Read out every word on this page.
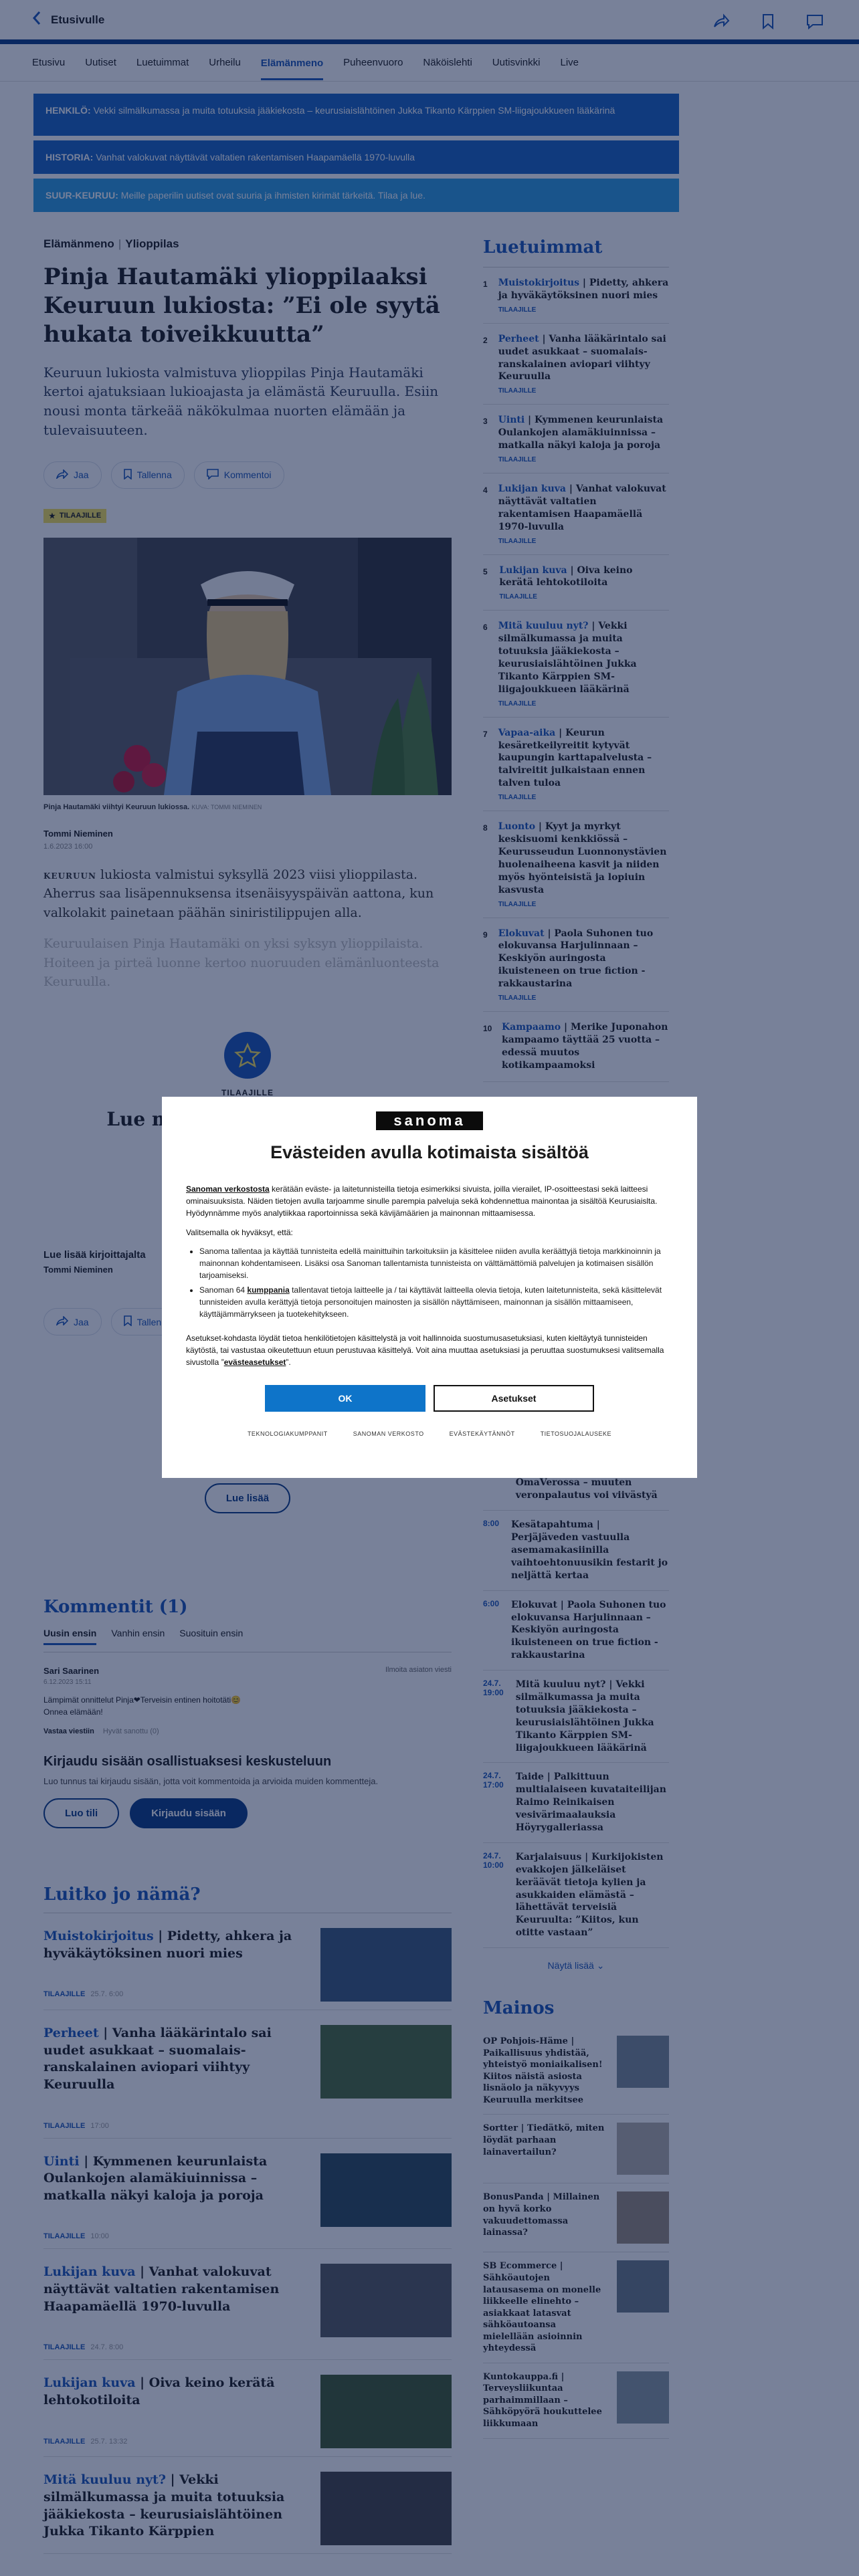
sanoma
Evästeiden avulla kotimaista sisältöä

Sanoman verkostosta kerätään eväste- ja laitetunnisteilla tietoja esimerkiksi sivuista, joilla vierailet, IP-osoitteestasi sekä laitteesi ominaisuuksista. Näiden tietojen avulla tarjoamme sinulle parempia palveluja sekä kohdennettua mainontaa ja sisältöä Keurusiaislta. Hyödynnämme myös analytiikkaa raportoinnissa sekä kävijämäärien ja mainonnan mittaamisessa.

Valitsemalla ok hyväksyt, että:

• Sanoma tallentaa ja käyttää tunnisteita edellä mainittuihin tarkoituksiin ja käsittelee niiden avulla keräättyjä tietoja markkinoinnin ja mainonnan kohdentamiseen. Lisäksi osa Sanoman tallentamista tunnisteista on välttämättömiä palvelujen ja kotimaisen sisällön tarjoamiseksi.
• Sanoman 64 kumppania tallentavat tietoja laitteelle ja / tai käyttävät laitteella olevia tietoja, kuten laitetunnisteita, sekä käsittelevät tunnisteiden avulla kerättyjä tietoja personoitujen mainosten ja sisällön näyttämiseen, mainonnan ja sisällön mittaamiseen, käyttäjämmärrykseen ja tuotekehitykseen.

Asetukset-kohdasta löydät tietoa henkilötietojen käsittelystä ja voit hallinnoida suostumusasetuksiasi, kuten kieltäytyä tunnisteiden käytöstä, tai vastustaa oikeutettuun etuun perustuvaa käsittelyä. Voit aina muuttaa asetuksiasi ja peruuttaa suostumuksesi valitsemalla sivustolla ”evästeasetukset”.

OK	Asetukset
TEKNOLOGIAKUMPPANIT	SANOMAN VERKOSTO	EVÄSTEKÄYTÄNNÖT	TIETOSUOJALAUSEKE
